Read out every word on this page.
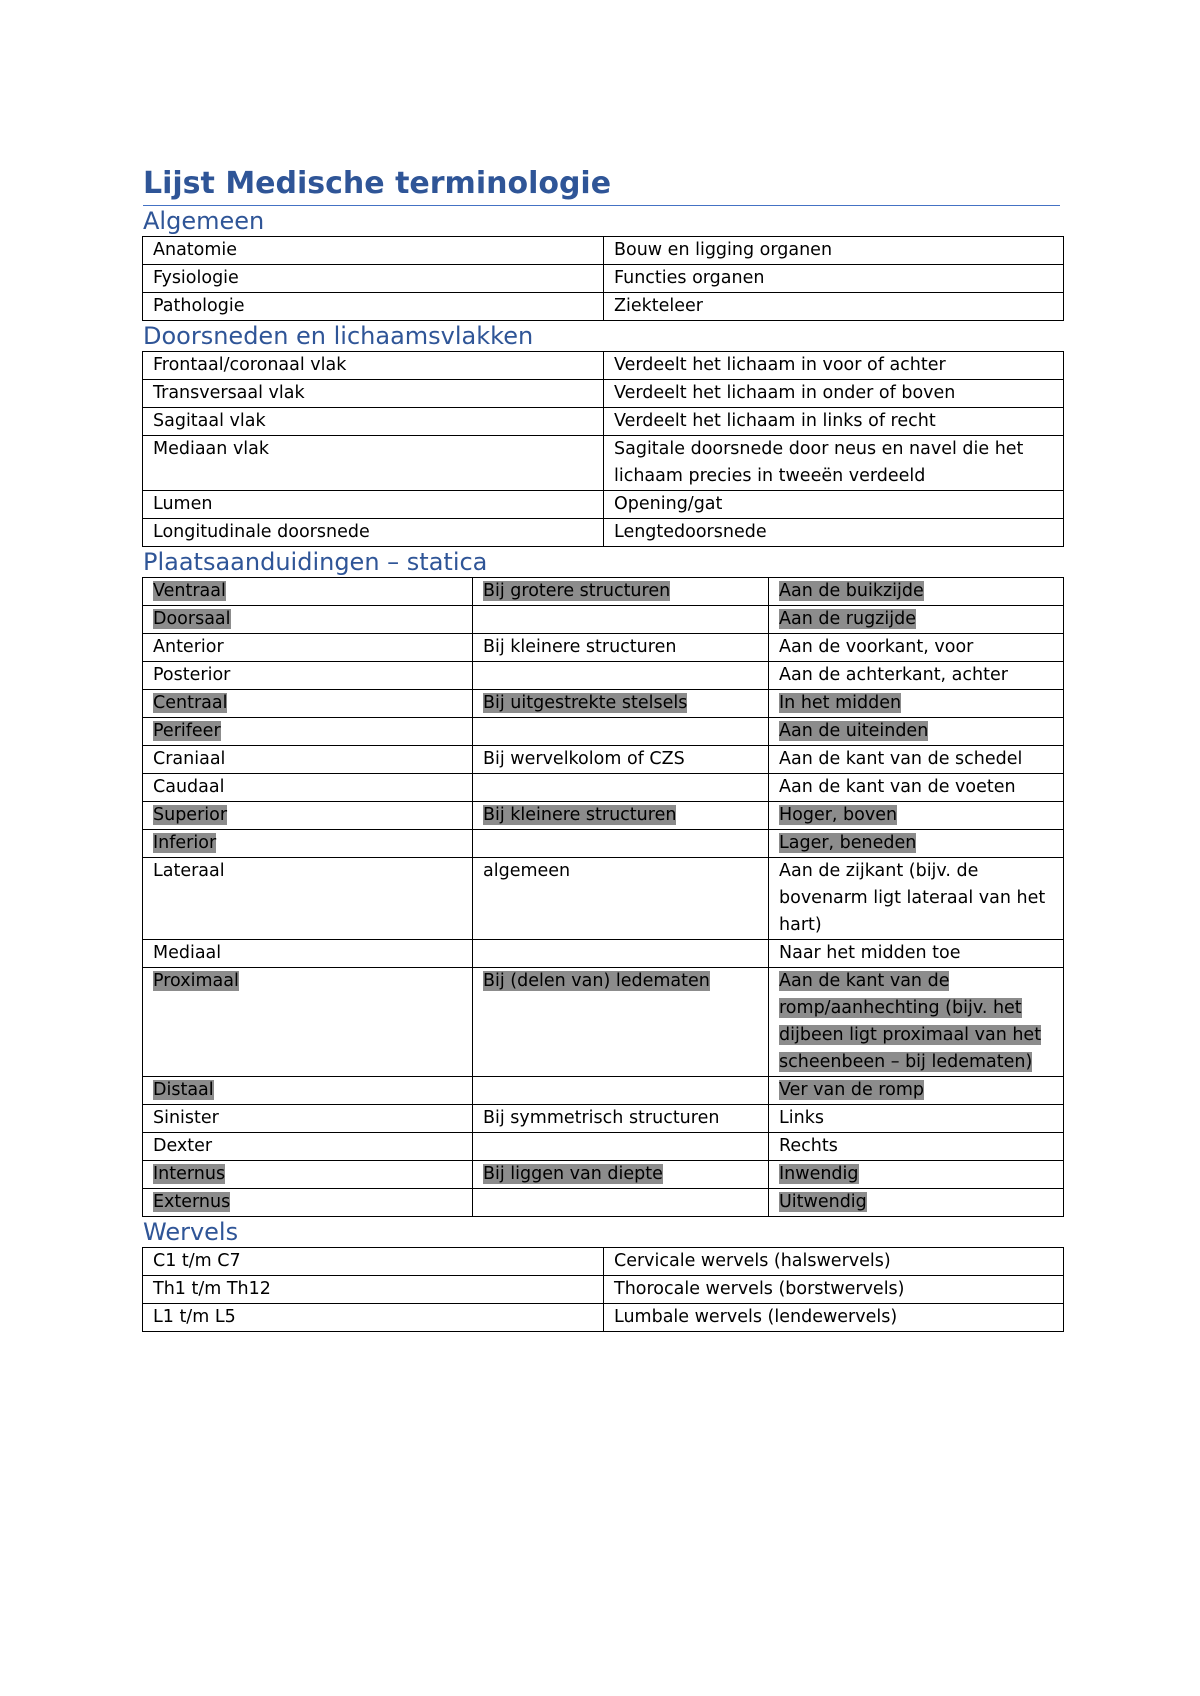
Lijst Medische terminologie
Algemeen
Anatomie	Bouw en ligging organen
Fysiologie	Functies organen
Pathologie	Ziekteleer
Doorsneden en lichaamsvlakken
Frontaal/coronaal vlak	Verdeelt het lichaam in voor of achter
Transversaal vlak	Verdeelt het lichaam in onder of boven
Sagitaal vlak	Verdeelt het lichaam in links of recht
Mediaan vlak	Sagitale doorsnede door neus en navel die het lichaam precies in tweeën verdeeld
Lumen	Opening/gat
Longitudinale doorsnede	Lengtedoorsnede
Plaatsaanduidingen – statica
Ventraal	Bij grotere structuren	Aan de buikzijde
Doorsaal		Aan de rugzijde
Anterior	Bij kleinere structuren	Aan de voorkant, voor
Posterior		Aan de achterkant, achter
Centraal	Bij uitgestrekte stelsels	In het midden
Perifeer		Aan de uiteinden
Craniaal	Bij wervelkolom of CZS	Aan de kant van de schedel
Caudaal		Aan de kant van de voeten
Superior	Bij kleinere structuren	Hoger, boven
Inferior		Lager, beneden
Lateraal	algemeen	Aan de zijkant (bijv. de bovenarm ligt lateraal van het hart)
Mediaal		Naar het midden toe
Proximaal	Bij (delen van) ledematen	Aan de kant van de romp/aanhechting (bijv. het dijbeen ligt proximaal van het scheenbeen – bij ledematen)
Distaal		Ver van de romp
Sinister	Bij symmetrisch structuren	Links
Dexter		Rechts
Internus	Bij liggen van diepte	Inwendig
Externus		Uitwendig
Wervels
C1 t/m C7	Cervicale wervels (halswervels)
Th1 t/m Th12	Thorocale wervels (borstwervels)
L1 t/m L5	Lumbale wervels (lendewervels)
